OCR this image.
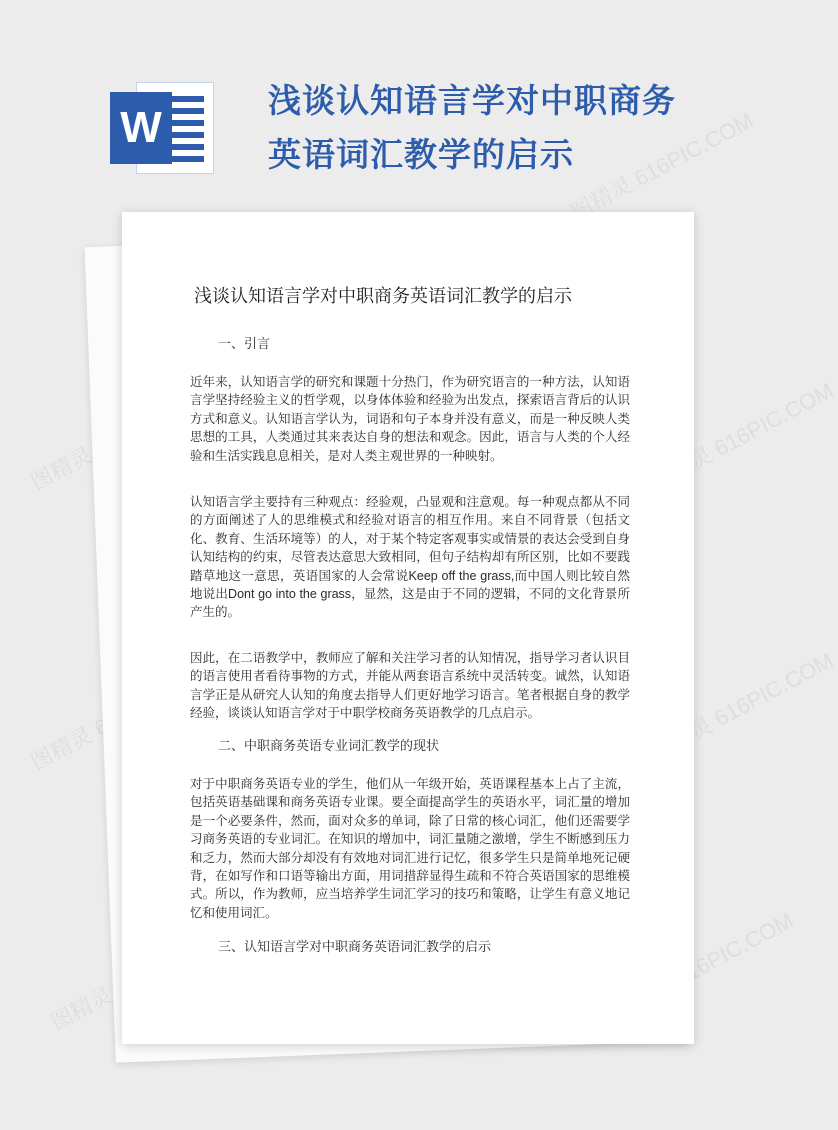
图精灵 616PIC.COM
图精灵	图精灵 616PIC.COM
图精灵	图精灵 616PIC.COM
图精灵	图精灵 616PIC.COM
W
浅谈认知语言学对中职商务英语词汇教学的启示
浅谈认知语言学对中职商务英语词汇教学的启示
一、引言

近年来，认知语言学的研究和课题十分热门，作为研究语言的一种方法，认知语言学坚持经验主义的哲学观，以身体体验和经验为出发点，探索语言背后的认识方式和意义。认知语言学认为，词语和句子本身并没有意义，而是一种反映人类思想的工具，人类通过其来表达自身的想法和观念。因此，语言与人类的个人经验和生活实践息息相关，是对人类主观世界的一种映射。

认知语言学主要持有三种观点：经验观，凸显观和注意观。每一种观点都从不同的方面阐述了人的思维模式和经验对语言的相互作用。来自不同背景（包括文化、教育、生活环境等）的人，对于某个特定客观事实或情景的表达会受到自身认知结构的约束，尽管表达意思大致相同，但句子结构却有所区别，比如不要践踏草地这一意思，英语国家的人会常说Keep off the grass,而中国人则比较自然地说出Dont go into the grass，显然，这是由于不同的逻辑，不同的文化背景所产生的。

因此，在二语教学中，教师应了解和关注学习者的认知情况，指导学习者认识目的语言使用者看待事物的方式，并能从两套语言系统中灵活转变。诚然，认知语言学正是从研究人认知的角度去指导人们更好地学习语言。笔者根据自身的教学经验，谈谈认知语言学对于中职学校商务英语教学的几点启示。

二、中职商务英语专业词汇教学的现状

对于中职商务英语专业的学生，他们从一年级开始，英语课程基本上占了主流，包括英语基础课和商务英语专业课。要全面提高学生的英语水平，词汇量的增加是一个必要条件，然而，面对众多的单词，除了日常的核心词汇，他们还需要学习商务英语的专业词汇。在知识的增加中，词汇量随之激增，学生不断感到压力和乏力，然而大部分却没有有效地对词汇进行记忆，很多学生只是简单地死记硬背，在如写作和口语等输出方面，用词措辞显得生疏和不符合英语国家的思维模式。所以，作为教师，应当培养学生词汇学习的技巧和策略，让学生有意义地记忆和使用词汇。

三、认知语言学对中职商务英语词汇教学的启示
